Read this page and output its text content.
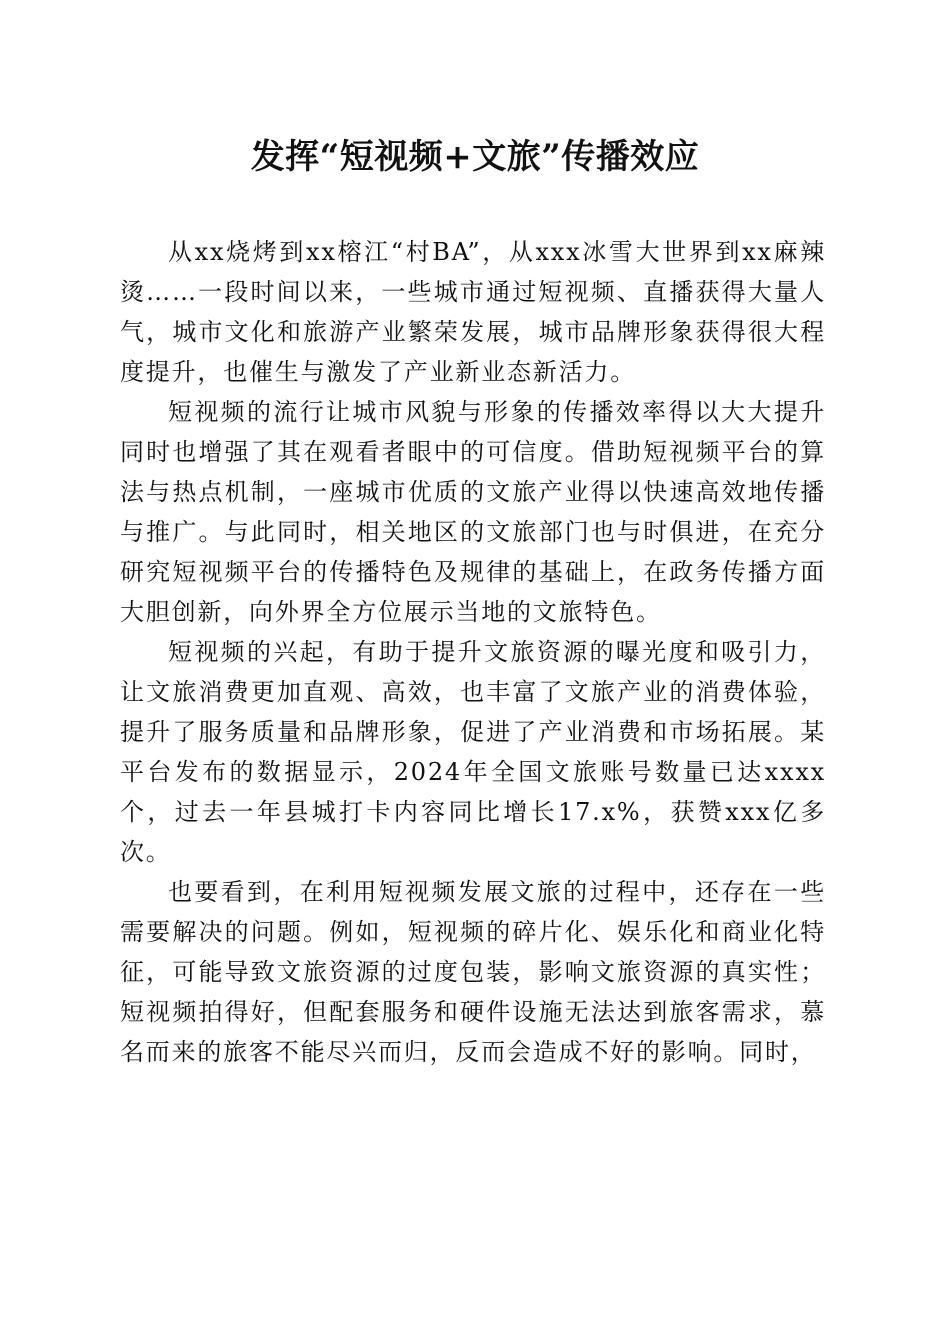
发挥“短视频+文旅”传播效应

从xx烧烤到xx榕江“村BA”，从xxx冰雪大世界到xx麻辣烫……一段时间以来，一些城市通过短视频、直播获得大量人气，城市文化和旅游产业繁荣发展，城市品牌形象获得很大程度提升，也催生与激发了产业新业态新活力。

短视频的流行让城市风貌与形象的传播效率得以大大提升同时也增强了其在观看者眼中的可信度。借助短视频平台的算法与热点机制，一座城市优质的文旅产业得以快速高效地传播与推广。与此同时，相关地区的文旅部门也与时俱进，在充分研究短视频平台的传播特色及规律的基础上，在政务传播方面大胆创新，向外界全方位展示当地的文旅特色。

短视频的兴起，有助于提升文旅资源的曝光度和吸引力，让文旅消费更加直观、高效，也丰富了文旅产业的消费体验，提升了服务质量和品牌形象，促进了产业消费和市场拓展。某平台发布的数据显示，2024年全国文旅账号数量已达xxxx个，过去一年县城打卡内容同比增长17.x%，获赞xxx亿多次。

也要看到，在利用短视频发展文旅的过程中，还存在一些需要解决的问题。例如，短视频的碎片化、娱乐化和商业化特征，可能导致文旅资源的过度包装，影响文旅资源的真实性；短视频拍得好，但配套服务和硬件设施无法达到旅客需求，慕名而来的旅客不能尽兴而归，反而会造成不好的影响。同时，
